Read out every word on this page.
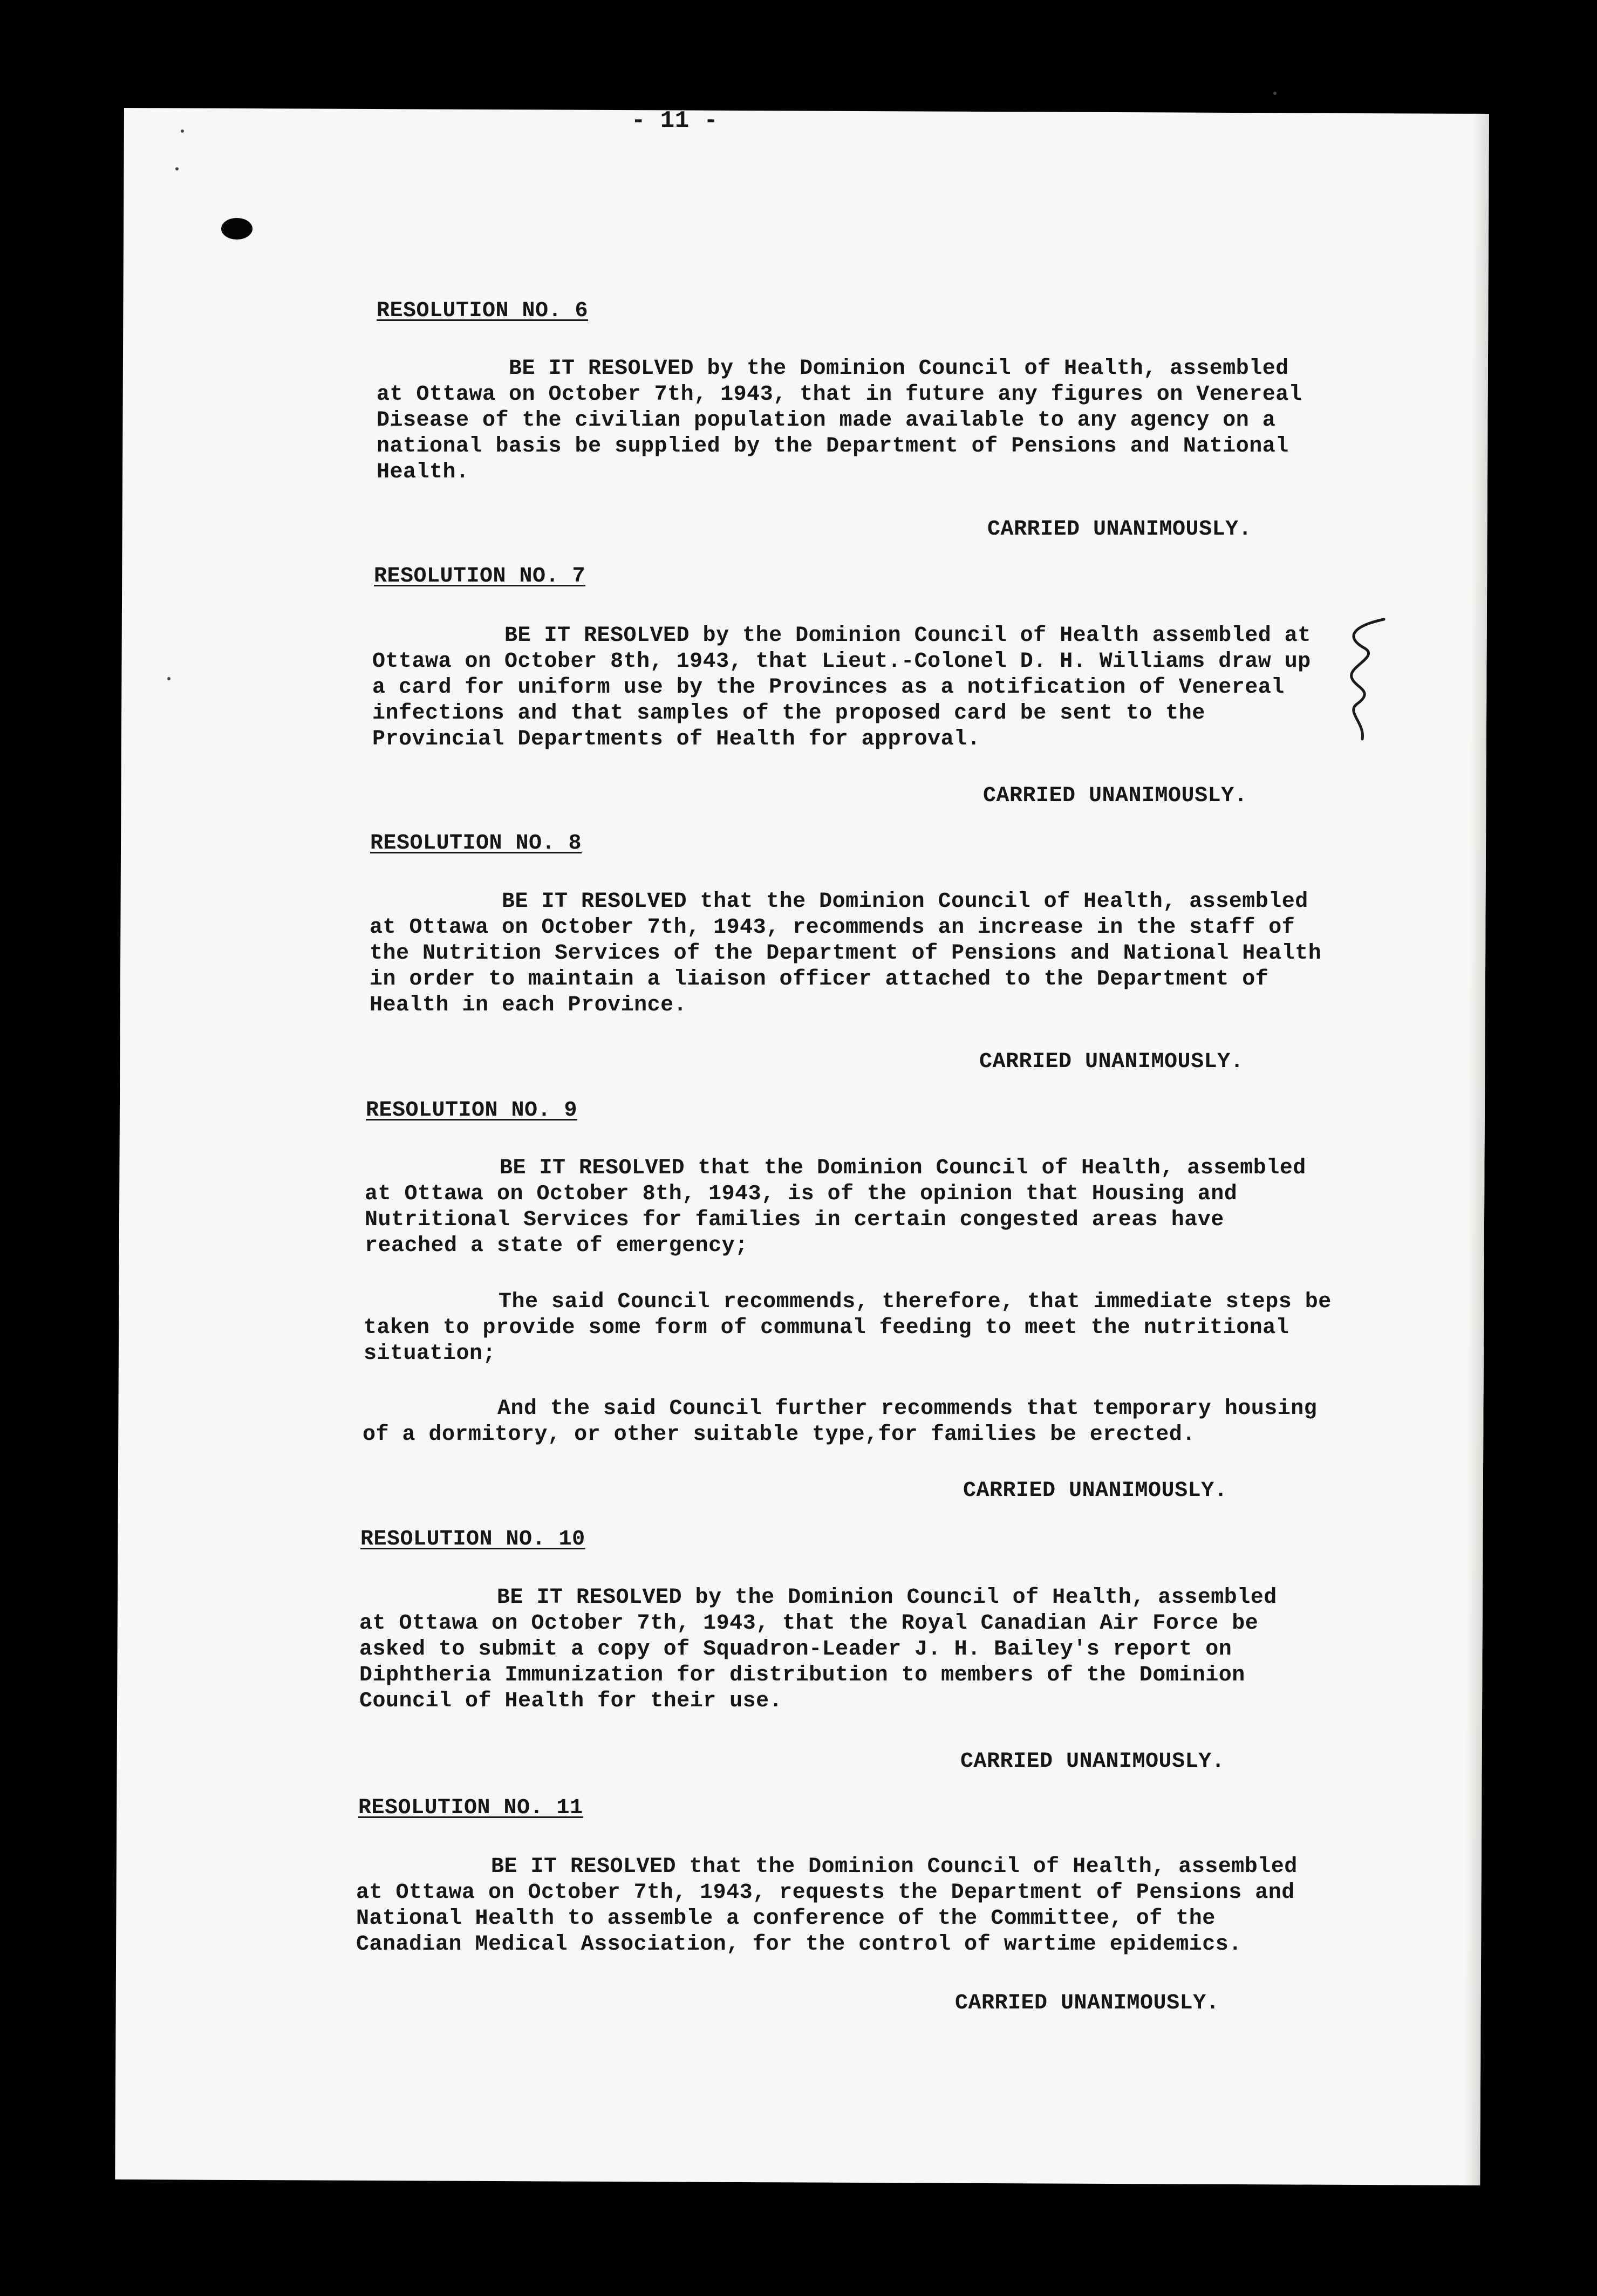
- 11 -
RESOLUTION NO. 6
BE IT RESOLVED by the Dominion Council of Health, assembled at Ottawa on October 7th, 1943, that in future any figures on Venereal Disease of the civilian population made available to any agency on a national basis be supplied by the Department of Pensions and National Health.
CARRIED UNANIMOUSLY.
RESOLUTION NO. 7
BE IT RESOLVED by the Dominion Council of Health assembled at Ottawa on October 8th, 1943, that Lieut.-Colonel D. H. Williams draw up a card for uniform use by the Provinces as a notification of Venereal infections and that samples of the proposed card be sent to the Provincial Departments of Health for approval.
CARRIED UNANIMOUSLY.
RESOLUTION NO. 8
BE IT RESOLVED that the Dominion Council of Health, assembled at Ottawa on October 7th, 1943, recommends an increase in the staff of the Nutrition Services of the Department of Pensions and National Health in order to maintain a liaison officer attached to the Department of Health in each Province.
CARRIED UNANIMOUSLY.
RESOLUTION NO. 9
BE IT RESOLVED that the Dominion Council of Health, assembled at Ottawa on October 8th, 1943, is of the opinion that Housing and Nutritional Services for families in certain congested areas have reached a state of emergency;
The said Council recommends, therefore, that immediate steps be taken to provide some form of communal feeding to meet the nutritional situation;
And the said Council further recommends that temporary housing of a dormitory, or other suitable type,for families be erected.
CARRIED UNANIMOUSLY.
RESOLUTION NO. 10
BE IT RESOLVED by the Dominion Council of Health, assembled at Ottawa on October 7th, 1943, that the Royal Canadian Air Force be asked to submit a copy of Squadron-Leader J. H. Bailey's report on Diphtheria Immunization for distribution to members of the Dominion Council of Health for their use.
CARRIED UNANIMOUSLY.
RESOLUTION NO. 11
BE IT RESOLVED that the Dominion Council of Health, assembled at Ottawa on October 7th, 1943, requests the Department of Pensions and National Health to assemble a conference of the Committee, of the Canadian Medical Association, for the control of wartime epidemics.
CARRIED UNANIMOUSLY.
